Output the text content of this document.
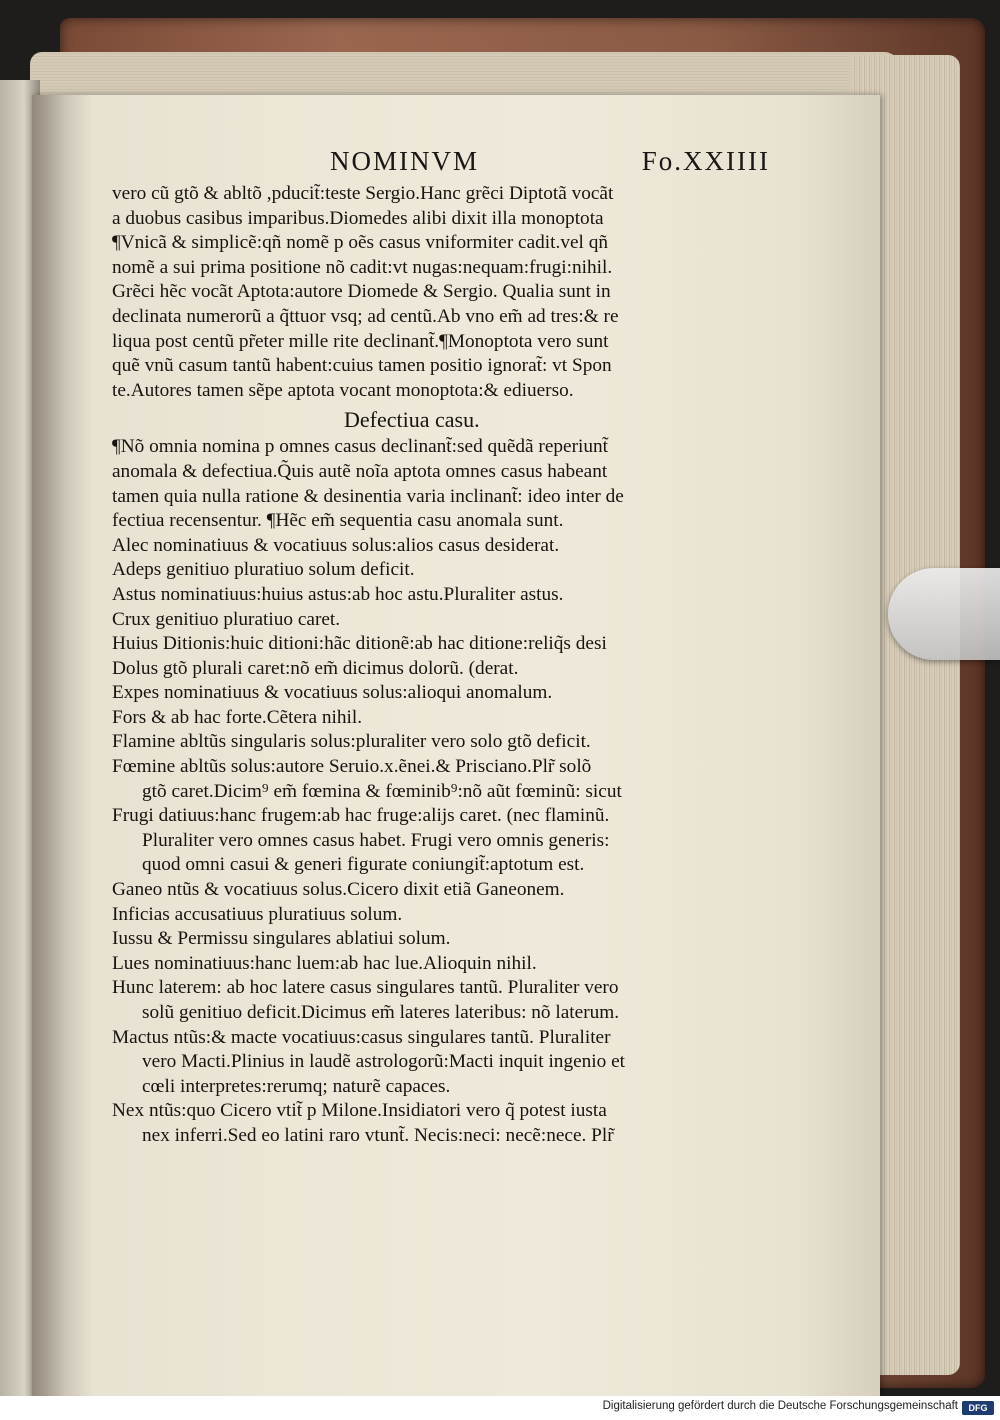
NOMINVM	Fo.XXIIII
vero cũ gtõ & abltõ ,pducit̃:teste Sergio.Hanc grẽci Diptotã vocãt
a duobus casibus imparibus.Diomedes alibi dixit illa monoptota
¶Vnicã & simplicẽ:qñ nomẽ p oẽs casus vniformiter cadit.vel qñ
nomẽ a sui prima positione nõ cadit:vt nugas:nequam:frugi:nihil.
Grẽci hẽc vocãt Aptota:autore Diomede & Sergio. Qualia sunt in
declinata numerorũ a q̃ttuor vsq; ad centũ.Ab vno em̃ ad tres:& re
liqua post centũ pr̃eter mille rite declinant̃.¶Monoptota vero sunt
quẽ vnũ casum tantũ habent:cuius tamen positio ignorat̃: vt Spon
te.Autores tamen sẽpe aptota vocant monoptota:& ediuerso.
Defectiua casu.
¶Nõ omnia nomina p omnes casus declinant̃:sed quẽdã reperiunt̃
anomala & defectiua.Q̃uis autẽ noĩa aptota omnes casus habeant
tamen quia nulla ratione & desinentia varia inclinant̃: ideo inter de
fectiua recensentur. ¶Hẽc em̃ sequentia casu anomala sunt.
Alec nominatiuus & vocatiuus solus:alios casus desiderat.
Adeps genitiuo pluratiuo solum deficit.
Astus nominatiuus:huius astus:ab hoc astu.Pluraliter astus.
Crux genitiuo pluratiuo caret.
Huius Ditionis:huic ditioni:hãc ditionẽ:ab hac ditione:reliq̃s desi
Dolus gtõ plurali caret:nõ em̃ dicimus dolorũ. (derat.
Expes nominatiuus & vocatiuus solus:alioqui anomalum.
Fors & ab hac forte.Cẽtera nihil.
Flamine abltũs singularis solus:pluraliter vero solo gtõ deficit.
Fœmine abltũs solus:autore Seruio.x.ẽnei.& Prisciano.Plr̃ solõ
gtõ caret.Dicim⁹ em̃ fœmina & fœminib⁹:nõ aũt fœminũ: sicut
Frugi datiuus:hanc frugem:ab hac fruge:alijs caret. (nec flaminũ.
Pluraliter vero omnes casus habet. Frugi vero omnis generis:
quod omni casui & generi figurate coniungit̃:aptotum est.
Ganeo ntũs & vocatiuus solus.Cicero dixit etiã Ganeonem.
Inficias accusatiuus pluratiuus solum.
Iussu & Permissu singulares ablatiui solum.
Lues nominatiuus:hanc luem:ab hac lue.Alioquin nihil.
Hunc laterem: ab hoc latere casus singulares tantũ. Pluraliter vero
solũ genitiuo deficit.Dicimus em̃ lateres lateribus: nõ laterum.
Mactus ntũs:& macte vocatiuus:casus singulares tantũ. Pluraliter
vero Macti.Plinius in laudẽ astrologorũ:Macti inquit ingenio et
cœli interpretes:rerumq; naturẽ capaces.
Nex ntũs:quo Cicero vtit̃ p Milone.Insidiatori vero q̃ potest iusta
nex inferri.Sed eo latini raro vtunt̃. Necis:neci: necẽ:nece. Plr̃
Digitalisierung gefördert durch die Deutsche Forschungsgemeinschaft	DFG
